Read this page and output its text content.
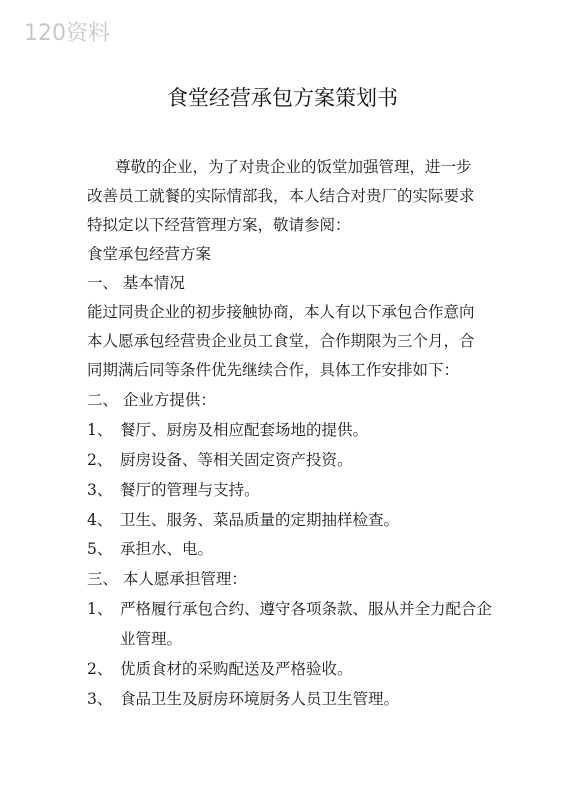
120资料
食堂经营承包方案策划书
尊敬的企业，为了对贵企业的饭堂加强管理，进一步
改善员工就餐的实际情部我，本人结合对贵厂的实际要求
特拟定以下经营管理方案，敬请参阅：
食堂承包经营方案
一、 基本情况
能过同贵企业的初步接触协商，本人有以下承包合作意向
本人愿承包经营贵企业员工食堂，合作期限为三个月，合
同期满后同等条件优先继续合作，具体工作安排如下：
二、 企业方提供：
1、 餐厅、厨房及相应配套场地的提供。
2、 厨房设备、等相关固定资产投资。
3、 餐厅的管理与支持。
4、 卫生、服务、菜品质量的定期抽样检查。
5、 承担水、电。
三、 本人愿承担管理：
1、 严格履行承包合约、遵守各项条款、服从并全力配合企
业管理。
2、 优质食材的采购配送及严格验收。
3、 食品卫生及厨房环境厨务人员卫生管理。
